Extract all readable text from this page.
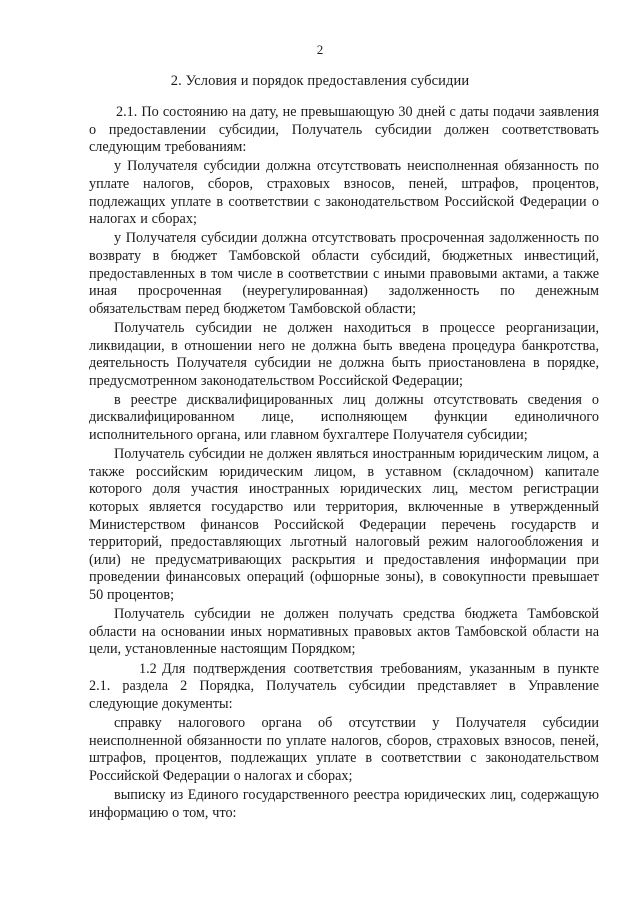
2
2. Условия и порядок предоставления субсидии

2.1. По состоянию на дату, не превышающую 30 дней с даты подачи заявления о предоставлении субсидии, Получатель субсидии должен соответствовать следующим требованиям:

у Получателя субсидии должна отсутствовать неисполненная обязанность по уплате налогов, сборов, страховых взносов, пеней, штрафов, процентов, подлежащих уплате в соответствии с законодательством Российской Федерации о налогах и сборах;

у Получателя субсидии должна отсутствовать просроченная задолженность по возврату в бюджет Тамбовской области субсидий, бюджетных инвестиций, предоставленных в том числе в соответствии с иными правовыми актами, а также иная просроченная (неурегулированная) задолженность по денежным обязательствам перед бюджетом Тамбовской области;

Получатель субсидии не должен находиться в процессе реорганизации, ликвидации, в отношении него не должна быть введена процедура банкротства, деятельность Получателя субсидии не должна быть приостановлена в порядке, предусмотренном законодательством Российской Федерации;

в реестре дисквалифицированных лиц должны отсутствовать сведения о дисквалифицированном лице, исполняющем функции единоличного исполнительного органа, или главном бухгалтере Получателя субсидии;

Получатель субсидии не должен являться иностранным юридическим лицом, а также российским юридическим лицом, в уставном (складочном) капитале которого доля участия иностранных юридических лиц, местом регистрации которых является государство или территория, включенные в утвержденный Министерством финансов Российской Федерации перечень государств и территорий, предоставляющих льготный налоговый режим налогообложения и (или) не предусматривающих раскрытия и предоставления информации при проведении финансовых операций (офшорные зоны), в совокупности превышает 50 процентов;

Получатель субсидии не должен получать средства бюджета Тамбовской области на основании иных нормативных правовых актов Тамбовской области на цели, установленные настоящим Порядком;

1.2 Для подтверждения соответствия требованиям, указанным в пункте 2.1. раздела 2 Порядка, Получатель субсидии представляет в Управление следующие документы:

справку налогового органа об отсутствии у Получателя субсидии неисполненной обязанности по уплате налогов, сборов, страховых взносов, пеней, штрафов, процентов, подлежащих уплате в соответствии с законодательством Российской Федерации о налогах и сборах;

выписку из Единого государственного реестра юридических лиц, содержащую информацию о том, что:
